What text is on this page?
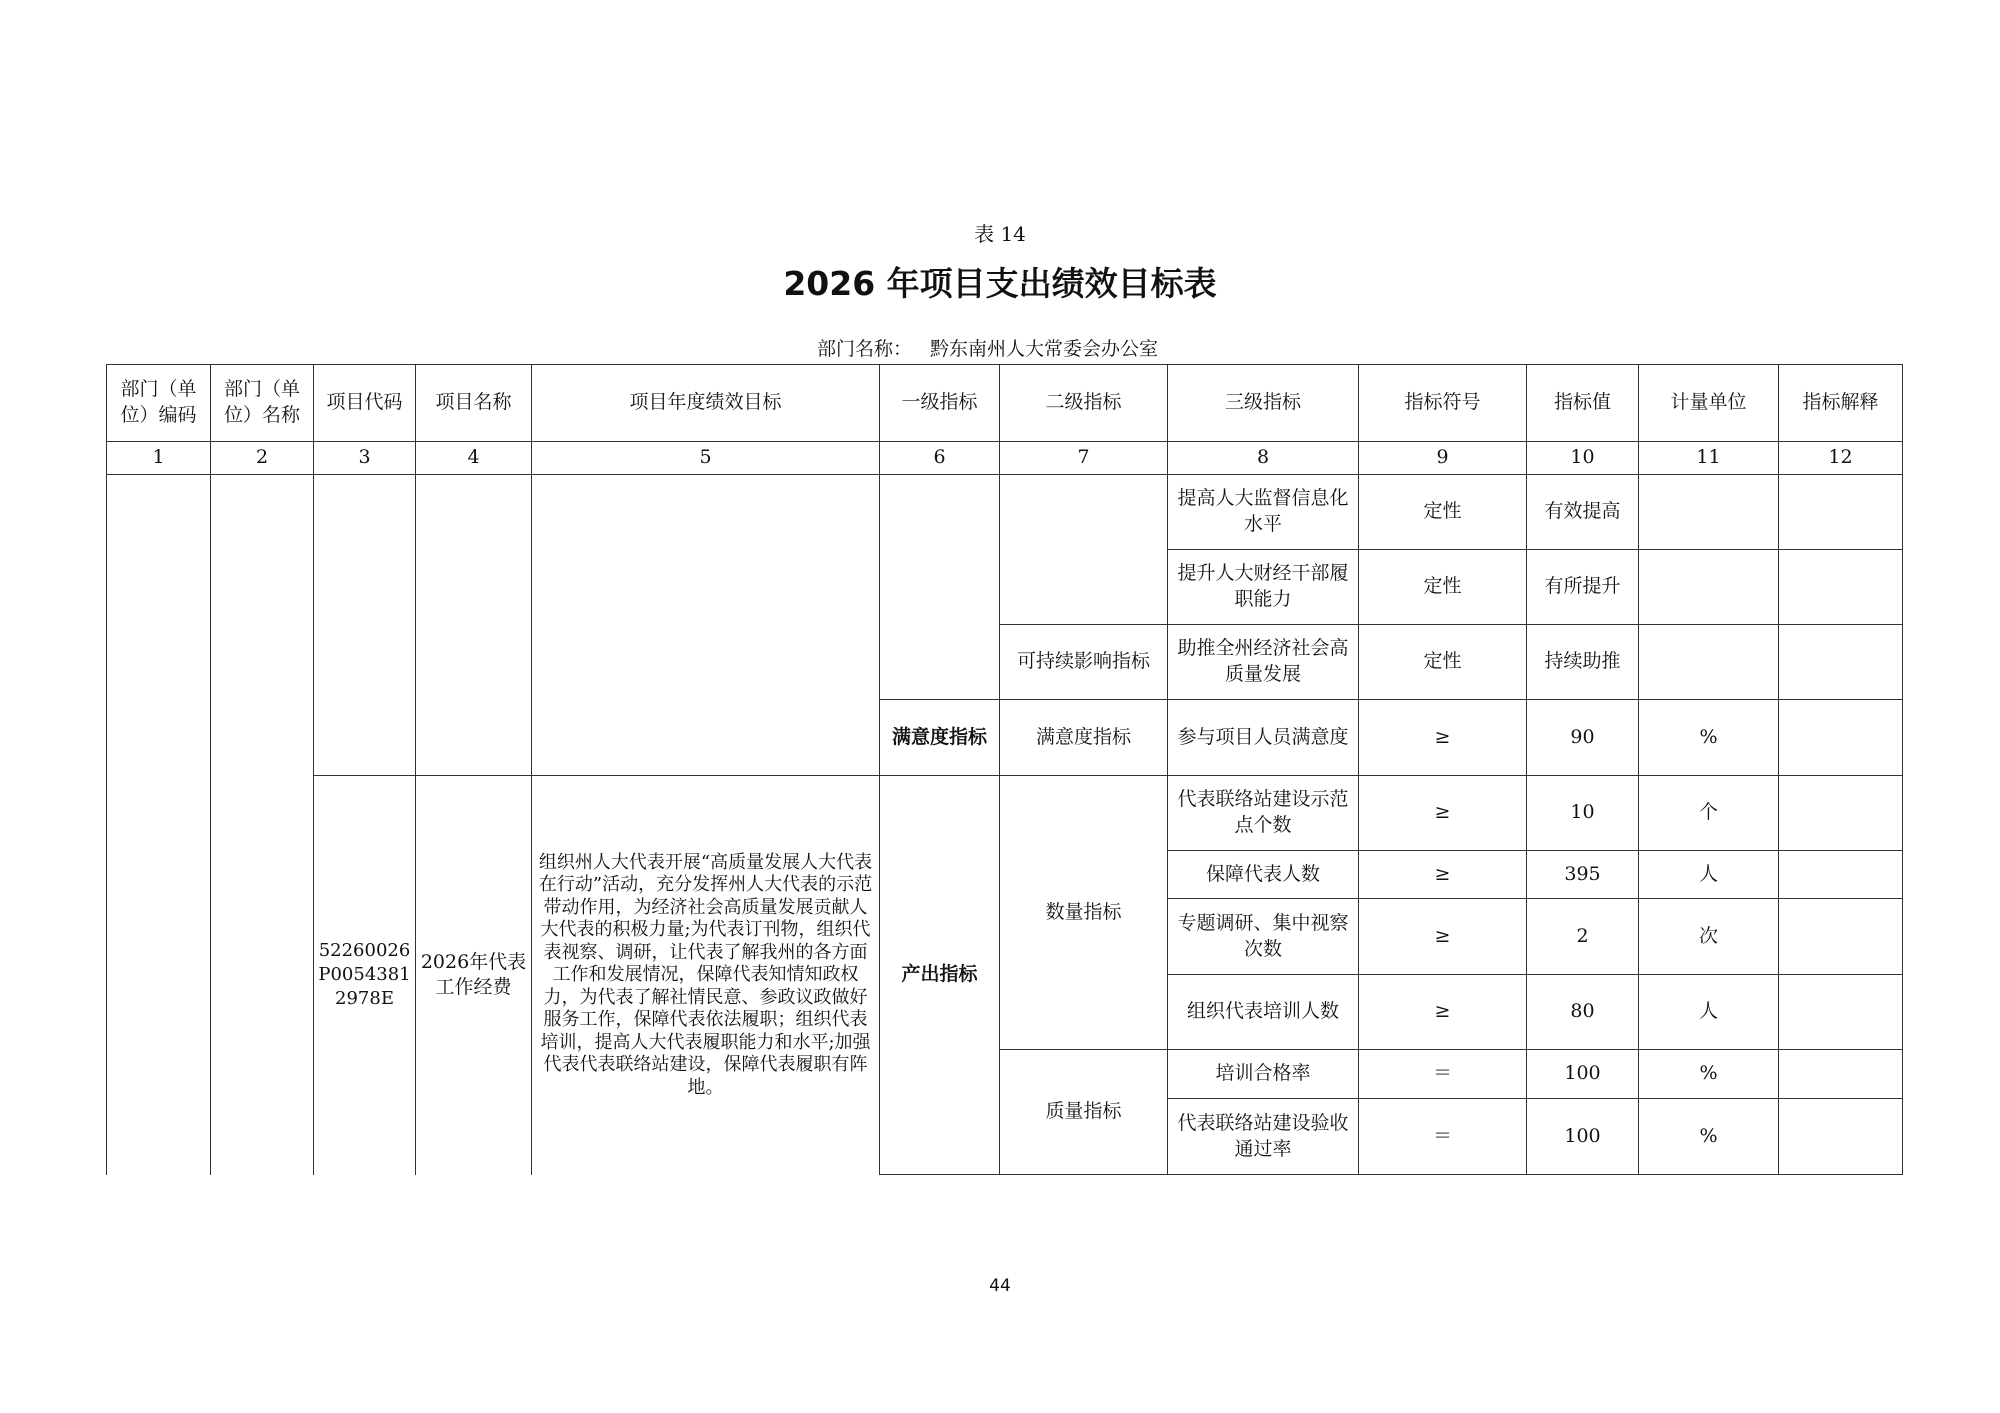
表 14
2026 年项目支出绩效目标表
部门名称： 黔东南州人大常委会办公室
部门（单位）编码	部门（单位）名称	项目代码	项目名称	项目年度绩效目标	一级指标	二级指标	三级指标	指标符号	指标值	计量单位	指标解释
1	2	3	4	5	6	7	8	9	10	11	12
							提高人大监督信息化水平	定性	有效提高		
							提升人大财经干部履职能力	定性	有所提升		
						可持续影响指标	助推全州经济社会高质量发展	定性	持续助推		
					满意度指标	满意度指标	参与项目人员满意度	≥	90	%	
		52260026P00543812978E	2026年代表工作经费	组织州人大代表开展“高质量发展人大代表在行动”活动，充分发挥州人大代表的示范带动作用，为经济社会高质量发展贡献人大代表的积极力量;为代表订刊物，组织代表视察、调研，让代表了解我州的各方面工作和发展情况，保障代表知情知政权力，为代表了解社情民意、参政议政做好服务工作，保障代表依法履职；组织代表培训，提高人大代表履职能力和水平;加强代表代表联络站建设，保障代表履职有阵地。	产出指标	数量指标	代表联络站建设示范点个数	≥	10	个	
							保障代表人数	≥	395	人	
							专题调研、集中视察次数	≥	2	次	
							组织代表培训人数	≥	80	人	
						质量指标	培训合格率	＝	100	%	
							代表联络站建设验收通过率	＝	100	%	
44
